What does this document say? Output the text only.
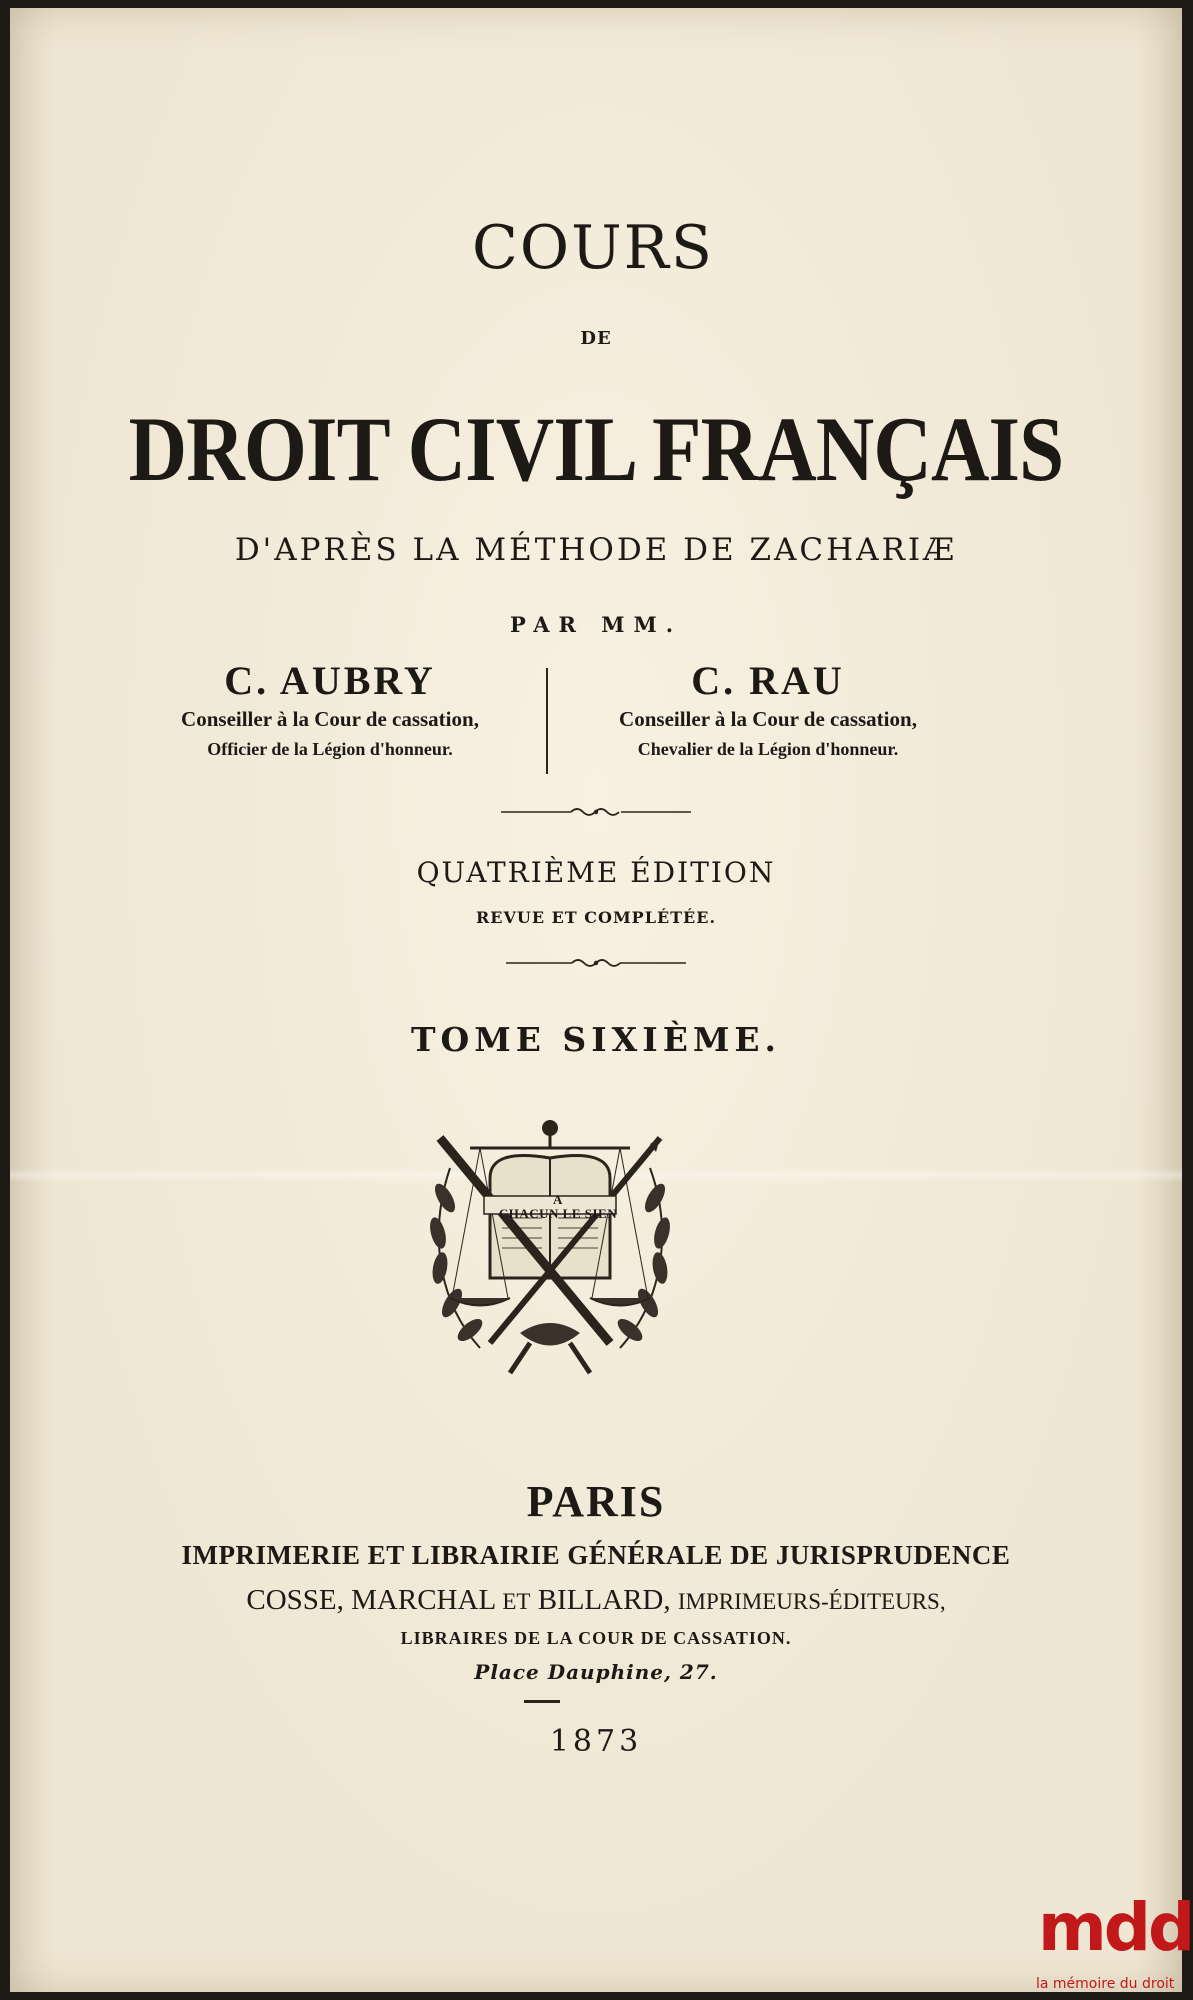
COURS
DE
DROIT CIVIL FRANÇAIS
D'APRÈS LA MÉTHODE DE ZACHARIÆ
PAR MM.
C. AUBRY
Conseiller à la Cour de cassation,
Officier de la Légion d'honneur.
C. RAU
Conseiller à la Cour de cassation,
Chevalier de la Légion d'honneur.
QUATRIÈME ÉDITION
REVUE ET COMPLÉTÉE.
TOME SIXIÈME.
A
CHACUN LE SIEN
PARIS
IMPRIMERIE ET LIBRAIRIE GÉNÉRALE DE JURISPRUDENCE
COSSE, MARCHAL ET BILLARD, IMPRIMEURS-ÉDITEURS,
LIBRAIRES DE LA COUR DE CASSATION.
Place Dauphine, 27.
1873
mdd
la mémoire du droit
